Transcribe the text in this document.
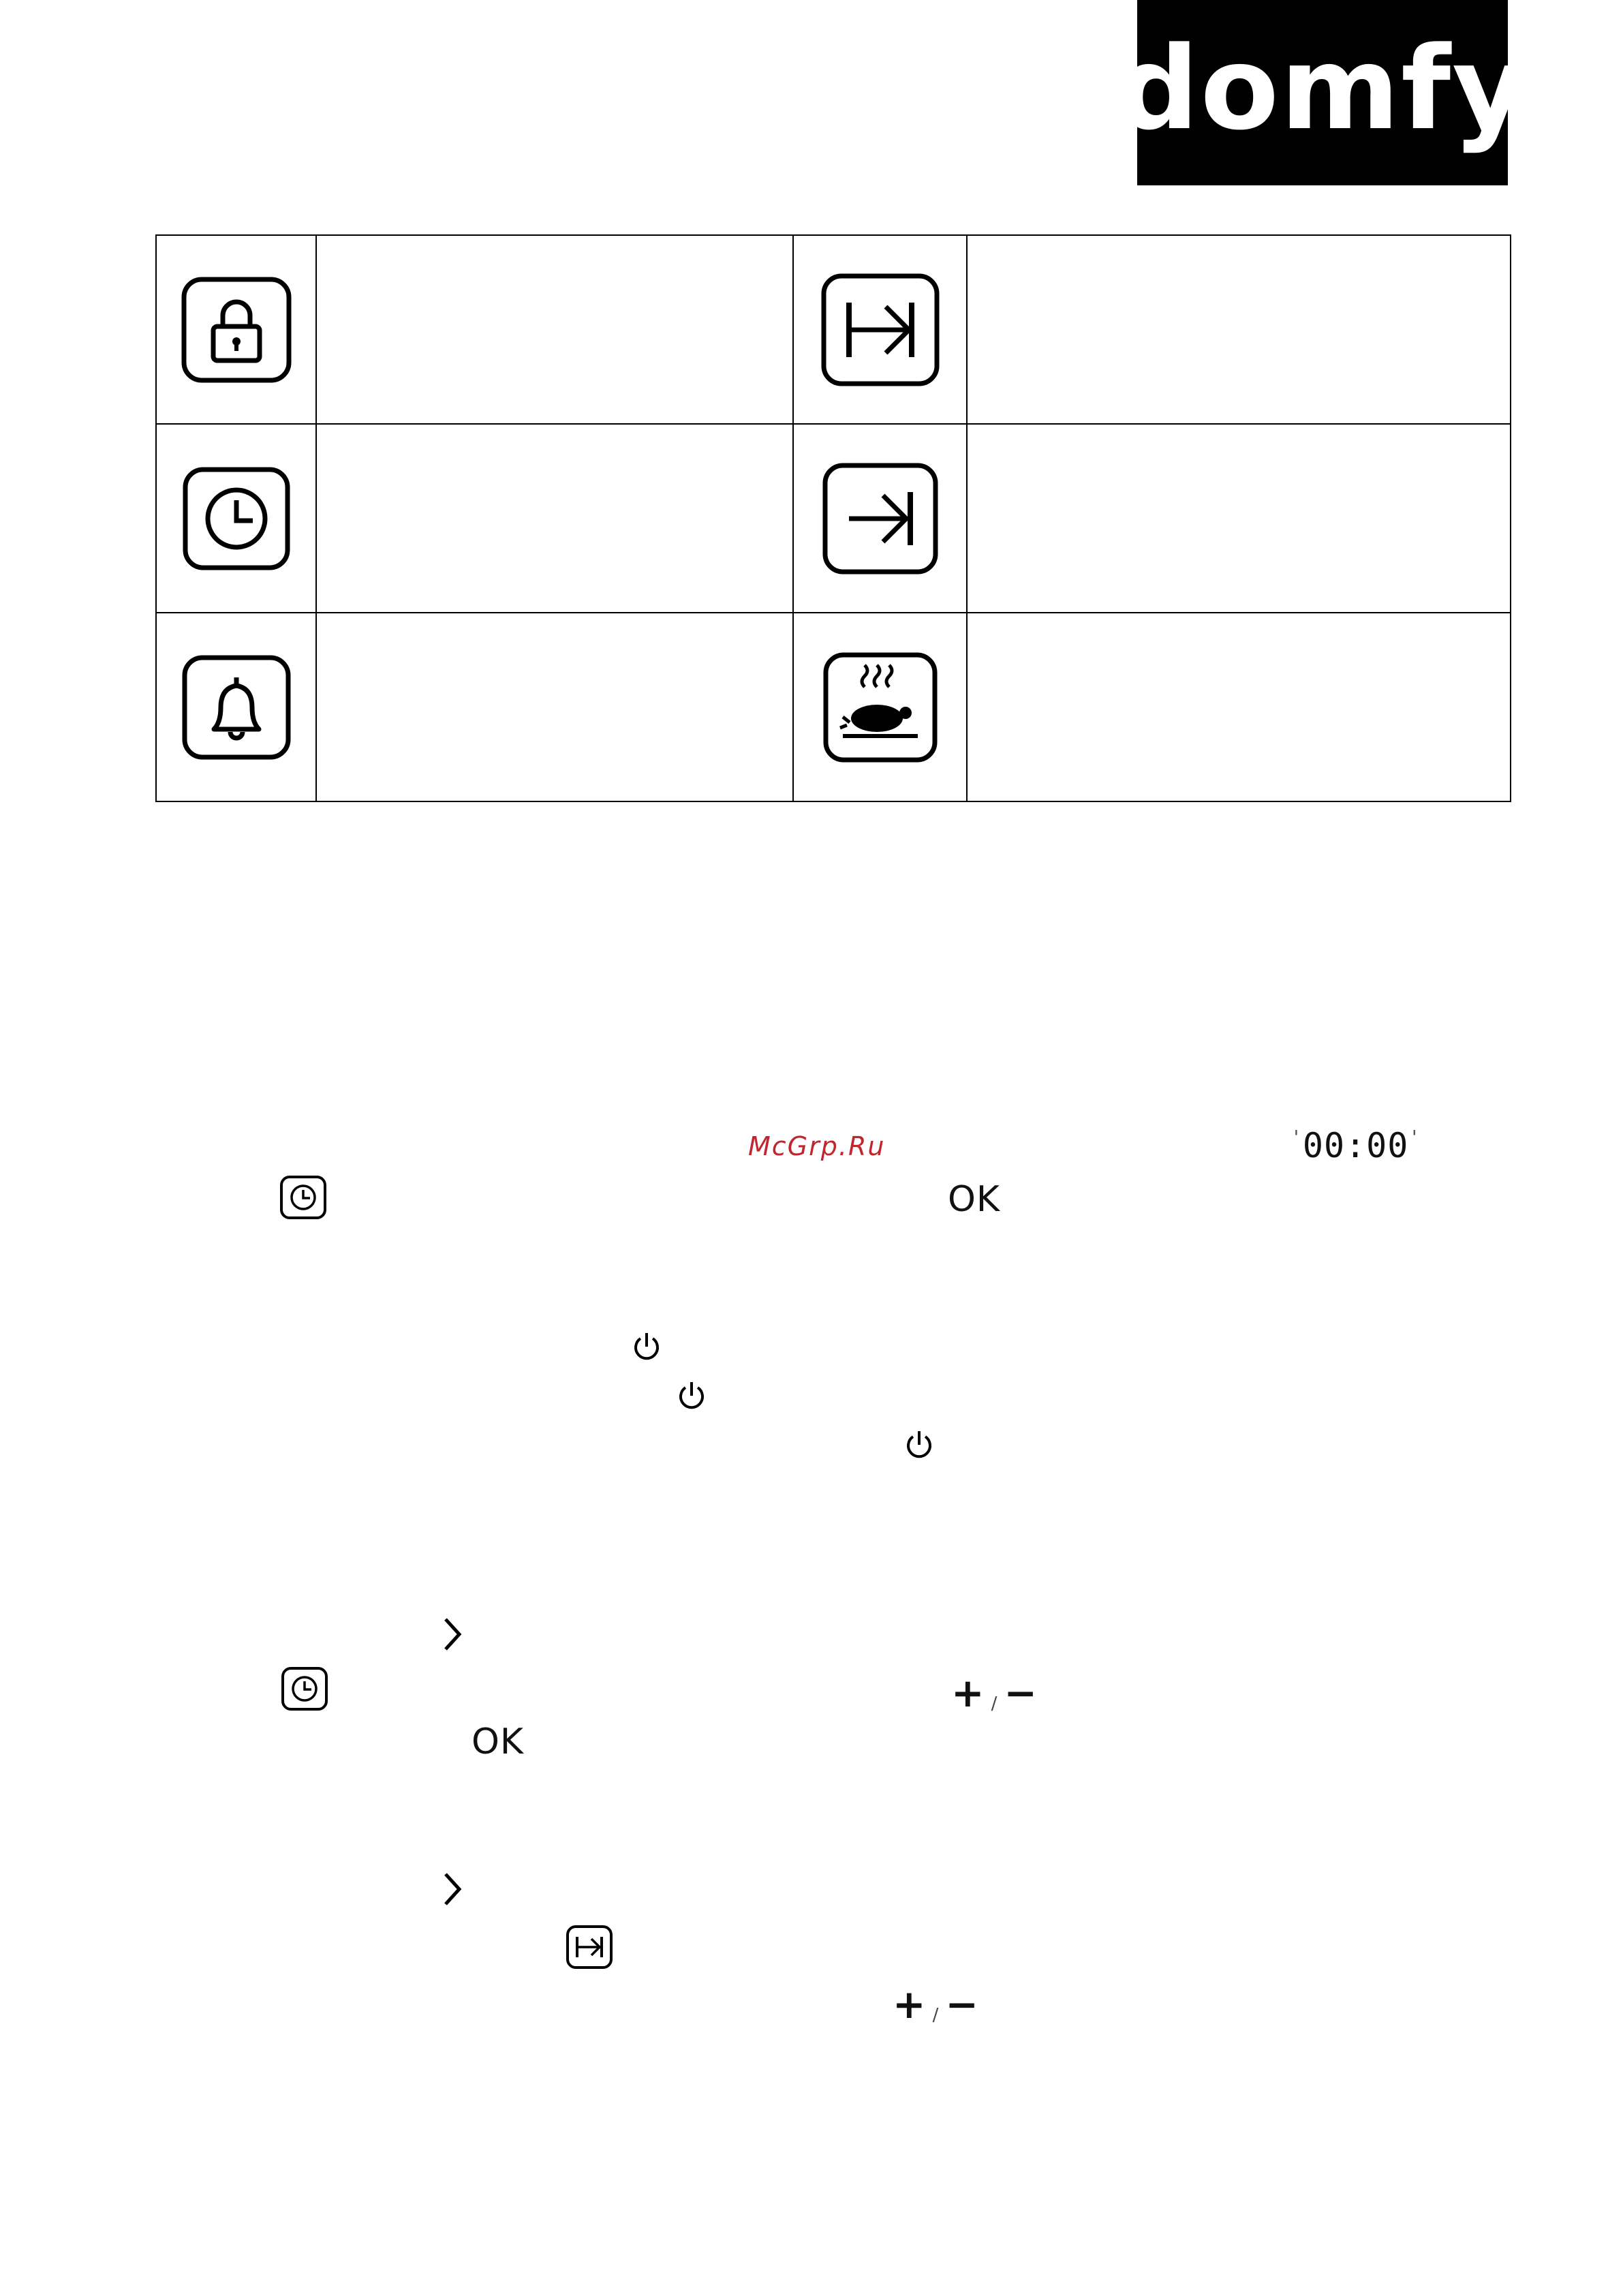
domfy

McGrp.Ru
'	00:00 '
OK
+ / −
OK
+ / −
